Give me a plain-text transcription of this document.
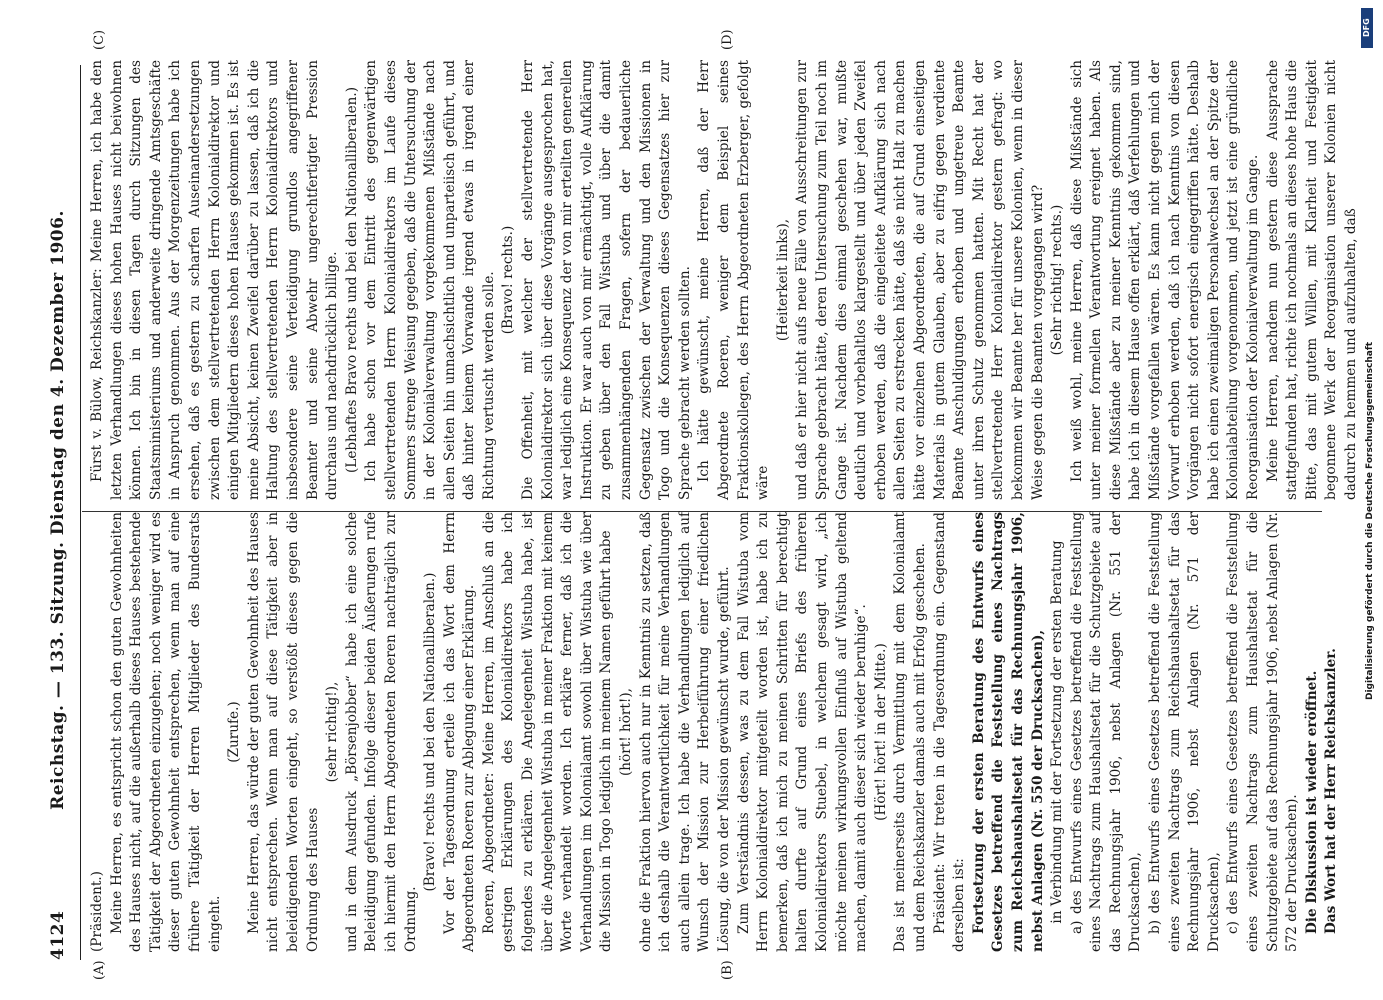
4124
Reichstag. — 133. Sitzung. Dienstag den 4. Dezember 1906.
(A)	(B)
(C)	(D)

(Präsident.) Meine Herren, es entspricht schon den guten Gewohnheiten des Hauses nicht, auf die außerhalb dieses Hauses bestehende Tätigkeit der Abgeordneten einzugehen; noch weniger wird es dieser guten Gewohnheit entsprechen, wenn man auf eine frühere Tätigkeit der Herren Mitglieder des Bundesrats eingeht.

(Zurufe.) Meine Herren, das würde der guten Gewohnheit des Hauses nicht entsprechen. Wenn man auf diese Tätigkeit aber in beleidigenden Worten eingeht, so verstößt dieses gegen die Ordnung des Hauses

(sehr richtig!), und in dem Ausdruck „Börsenjobber“ habe ich eine solche Beleidigung gefunden. Infolge dieser beiden Äußerungen rufe ich hiermit den Herrn Abgeordneten Roeren nachträglich zur Ordnung.

(Bravo! rechts und bei den Nationalliberalen.) Vor der Tagesordnung erteile ich das Wort dem Herrn Abgeordneten Roeren zur Ablegung einer Erklärung. Roeren, Abgeordneter: Meine Herren, im Anschluß an die gestrigen Erklärungen des Kolonialdirektors habe ich folgendes zu erklären. Die Angelegenheit Wistuba habe, ist über die Angelegenheit Wistuba in meiner Fraktion mit keinem Worte verhandelt worden. Ich erkläre ferner, daß ich die Verhandlungen im Kolonialamt sowohl über Wistuba wie über die Mission in Togo lediglich in meinem Namen geführt habe (hört! hört!), ohne die Fraktion hiervon auch nur in Kenntnis zu setzen, daß ich deshalb die Verantwortlichkeit für meine Verhandlungen auch allein trage. Ich habe die Verhandlungen lediglich auf Wunsch der Mission zur Herbeiführung einer friedlichen Lösung, die von der Mission gewünscht wurde, geführt. Zum Verständnis dessen, was zu dem Fall Wistuba vom Herrn Kolonialdirektor mitgeteilt worden ist, habe ich zu bemerken, daß ich mich zu meinen Schritten für berechtigt halten durfte auf Grund eines Briefs des früheren Kolonialdirektors Stuebel, in welchem gesagt wird, „ich möchte meinen wirkungsvollen Einfluß auf Wistuba geltend machen, damit auch dieser sich wieder beruhige“. (Hört! hört! in der Mitte.) Das ist meinerseits durch Vermittlung mit dem Kolonialamt und dem Reichskanzler damals auch mit Erfolg geschehen. Präsident: Wir treten in die Tagesordnung ein. Gegenstand derselben ist: Fortsetzung der ersten Beratung des Entwurfs eines Gesetzes betreffend die Feststellung eines Nachtrags zum Reichshaushaltsetat für das Rechnungsjahr 1906, nebst Anlagen (Nr. 550 der Drucksachen), in Verbindung mit der Fortsetzung der ersten Beratung a) des Entwurfs eines Gesetzes betreffend die Feststellung eines Nachtrags zum Haushaltsetat für die Schutzgebiete auf das Rechnungsjahr 1906, nebst Anlagen (Nr. 551 der Drucksachen), b) des Entwurfs eines Gesetzes betreffend die Feststellung eines zweiten Nachtrags zum Reichshaushaltsetat für das Rechnungsjahr 1906, nebst Anlagen (Nr. 571 der Drucksachen), c) des Entwurfs eines Gesetzes betreffend die Feststellung eines zweiten Nachtrags zum Haushaltsetat für die Schutzgebiete auf das Rechnungsjahr 1906, nebst Anlagen (Nr. 572 der Drucksachen). Die Diskussion ist wieder eröffnet. Das Wort hat der Herr Reichskanzler.

Fürst v. Bülow, Reichskanzler: Meine Herren, ich habe den letzten Verhandlungen dieses hohen Hauses nicht beiwohnen können. Ich bin in diesen Tagen durch Sitzungen des Staatsministeriums und anderweite dringende Amtsgeschäfte in Anspruch genommen. Aus der Morgenzeitungen habe ich ersehen, daß es gestern zu scharfen Auseinandersetzungen zwischen dem stellvertretenden Herrn Kolonialdirektor und einigen Mitgliedern dieses hohen Hauses gekommen ist. Es ist meine Absicht, keinen Zweifel darüber zu lassen, daß ich die Haltung des stellvertretenden Herrn Kolonialdirektors und insbesondere seine Verteidigung grundlos angegriffener Beamter und seine Abwehr ungerechtfertigter Pression durchaus und nachdrücklich billige. (Lebhaftes Bravo rechts und bei den Nationalliberalen.) Ich habe schon vor dem Eintritt des gegenwärtigen stellvertretenden Herrn Kolonialdirektors im Laufe dieses Sommers strenge Weisung gegeben, daß die Untersuchung der in der Kolonialverwaltung vorgekommenen Mißstände nach allen Seiten hin unnachsichtlich und unparteiisch geführt, und daß hinter keinem Vorwande irgend etwas in irgend einer Richtung vertuscht werden solle. (Bravo! rechts.) Die Offenheit, mit welcher der stellvertretende Herr Kolonialdirektor sich über diese Vorgänge ausgesprochen hat, war lediglich eine Konsequenz der von mir erteilten generellen Instruktion. Er war auch von mir ermächtigt, volle Aufklärung zu geben über den Fall Wistuba und über die damit zusammenhängenden Fragen, sofern der bedauerliche Gegensatz zwischen der Verwaltung und den Missionen in Togo und die Konsequenzen dieses Gegensatzes hier zur Sprache gebracht werden sollten. Ich hätte gewünscht, meine Herren, daß der Herr Abgeordnete Roeren, weniger dem Beispiel seines Fraktionskollegen, des Herrn Abgeordneten Erzberger, gefolgt wäre

(Heiterkeit links), und daß er hier nicht aufs neue Fälle von Ausschreitungen zur Sprache gebracht hätte, deren Untersuchung zum Teil noch im Gange ist. Nachdem dies einmal geschehen war, mußte deutlich und vorbehaltlos klargestellt und über jeden Zweifel erhoben werden, daß die eingeleitete Aufklärung sich nach allen Seiten zu erstrecken hätte, daß sie nicht Halt zu machen hätte vor einzelnen Abgeordneten, die auf Grund einseitigen Materials in gutem Glauben, aber zu eifrig gegen verdiente Beamte Anschuldigungen erhoben und ungetreue Beamte unter ihren Schutz genommen hatten. Mit Recht hat der stellvertretende Herr Kolonialdirektor gestern gefragt: wo bekommen wir Beamte her für unsere Kolonien, wenn in dieser Weise gegen die Beamten vorgegangen wird? (Sehr richtig! rechts.) Ich weiß wohl, meine Herren, daß diese Mißstände sich unter meiner formellen Verantwortung ereignet haben. Als diese Mißstände aber zu meiner Kenntnis gekommen sind, habe ich in diesem Hause offen erklärt, daß Verfehlungen und Mißstände vorgefallen wären. Es kann nicht gegen mich der Vorwurf erhoben werden, daß ich nach Kenntnis von diesen Vorgängen nicht sofort energisch eingegriffen hätte. Deshalb habe ich einen zweimaligen Personalwechsel an der Spitze der Kolonialabteilung vorgenommen, und jetzt ist eine gründliche Reorganisation der Kolonialverwaltung im Gange. Meine Herren, nachdem nun gestern diese Aussprache stattgefunden hat, richte ich nochmals an dieses hohe Haus die Bitte, das mit gutem Willen, mit Klarheit und Festigkeit begonnene Werk der Reorganisation unserer Kolonien nicht dadurch zu hemmen und aufzuhalten, daß Digitalisierung gefördert durch die Deutsche Forschungsgemeinschaft
DFG
